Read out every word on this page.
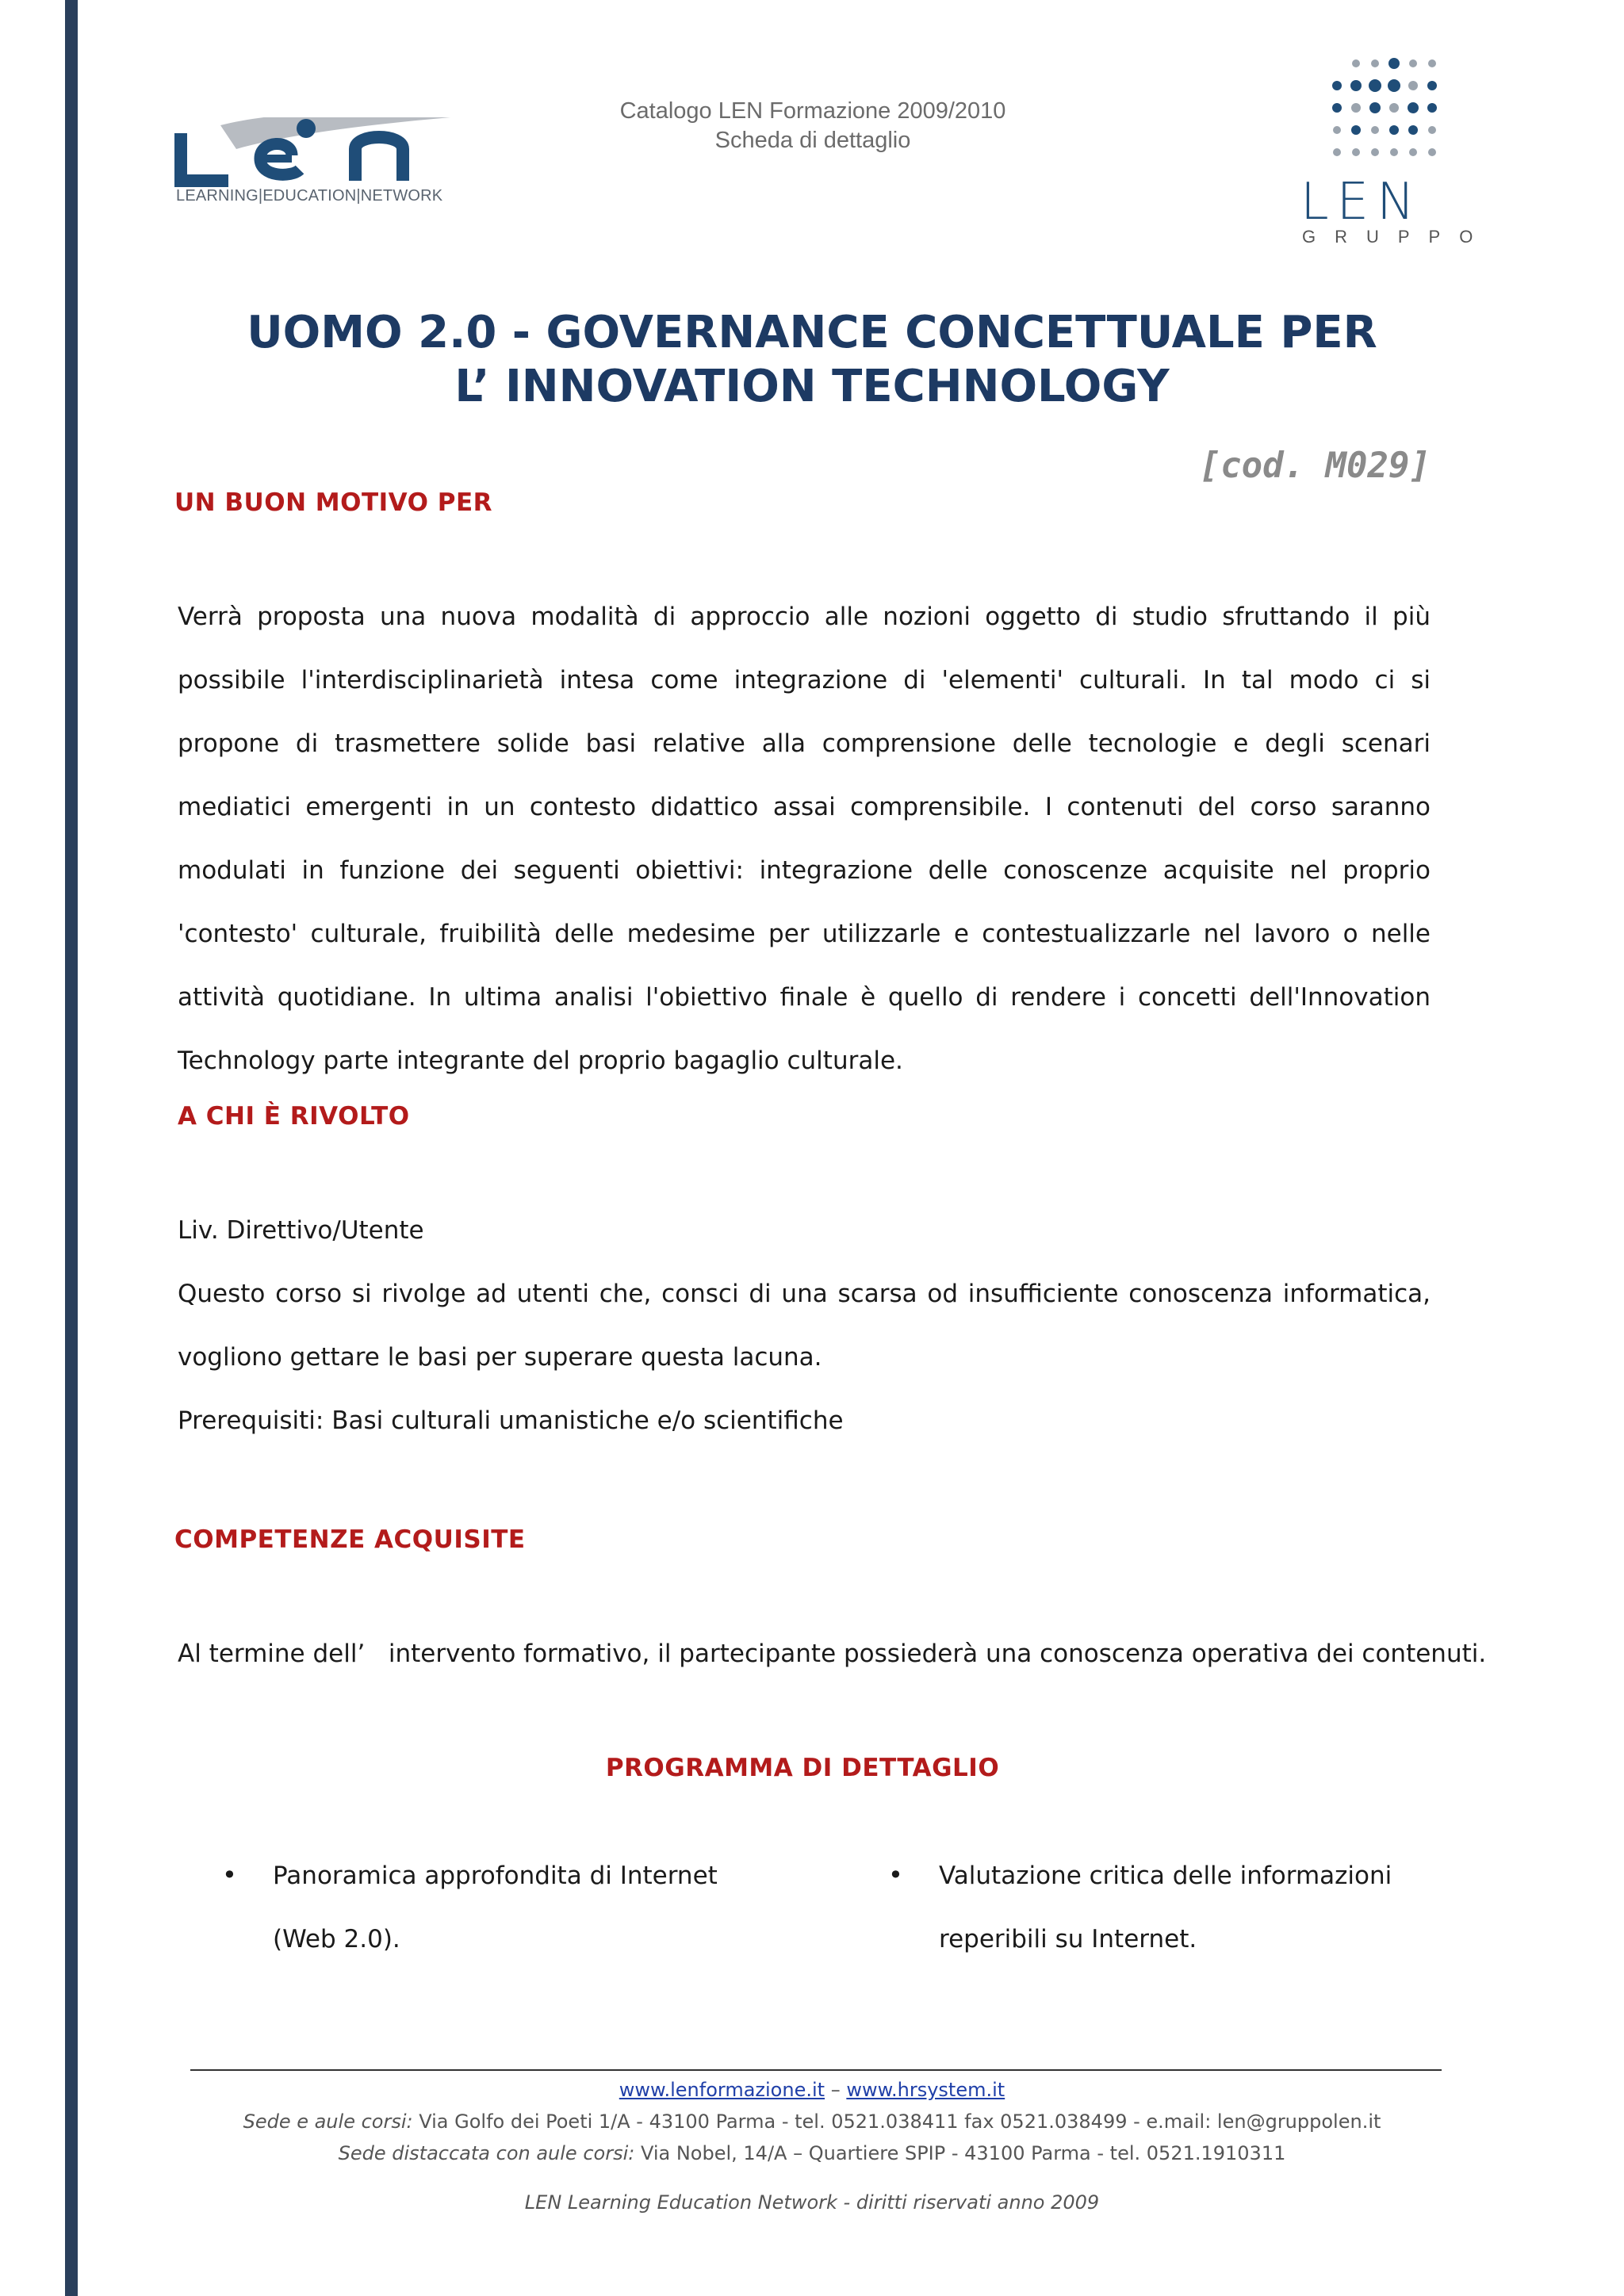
LEARNING|EDUCATION|NETWORK
Catalogo LEN Formazione 2009/2010
Scheda di dettaglio
LEN
GRUPPO
UOMO 2.0 - GOVERNANCE CONCETTUALE PER
L’ INNOVATION TECHNOLOGY
[cod. M029]
UN BUON MOTIVO PER
Verrà proposta una nuova modalità di approccio alle nozioni oggetto di studio sfruttando il più possibile l'interdisciplinarietà intesa come integrazione di 'elementi' culturali. In tal modo ci si propone di trasmettere solide basi relative alla comprensione delle tecnologie e degli scenari mediatici emergenti in un contesto didattico assai comprensibile. I contenuti del corso saranno modulati in funzione dei seguenti obiettivi: integrazione delle conoscenze acquisite nel proprio 'contesto' culturale, fruibilità delle medesime per utilizzarle e contestualizzarle nel lavoro o nelle attività quotidiane. In ultima analisi l'obiettivo finale è quello di rendere i concetti dell'Innovation Technology parte integrante del proprio bagaglio culturale.
A CHI È RIVOLTO
Liv. Direttivo/Utente
Questo corso si rivolge ad utenti che, consci di una scarsa od insufficiente conoscenza informatica, vogliono gettare le basi per superare questa lacuna.
Prerequisiti: Basi culturali umanistiche e/o scientifiche
COMPETENZE ACQUISITE
Al termine dell’   intervento formativo, il partecipante possiederà una conoscenza operativa dei contenuti.
PROGRAMMA DI DETTAGLIO
• Panoramica approfondita di Internet
(Web 2.0).
• Valutazione critica delle informazioni
reperibili su Internet.
www.lenformazione.it – www.hrsystem.it
Sede e aule corsi: Via Golfo dei Poeti 1/A - 43100 Parma - tel. 0521.038411 fax 0521.038499 - e.mail: len@gruppolen.it
Sede distaccata con aule corsi: Via Nobel, 14/A – Quartiere SPIP - 43100 Parma - tel. 0521.1910311
LEN Learning Education Network - diritti riservati anno 2009
